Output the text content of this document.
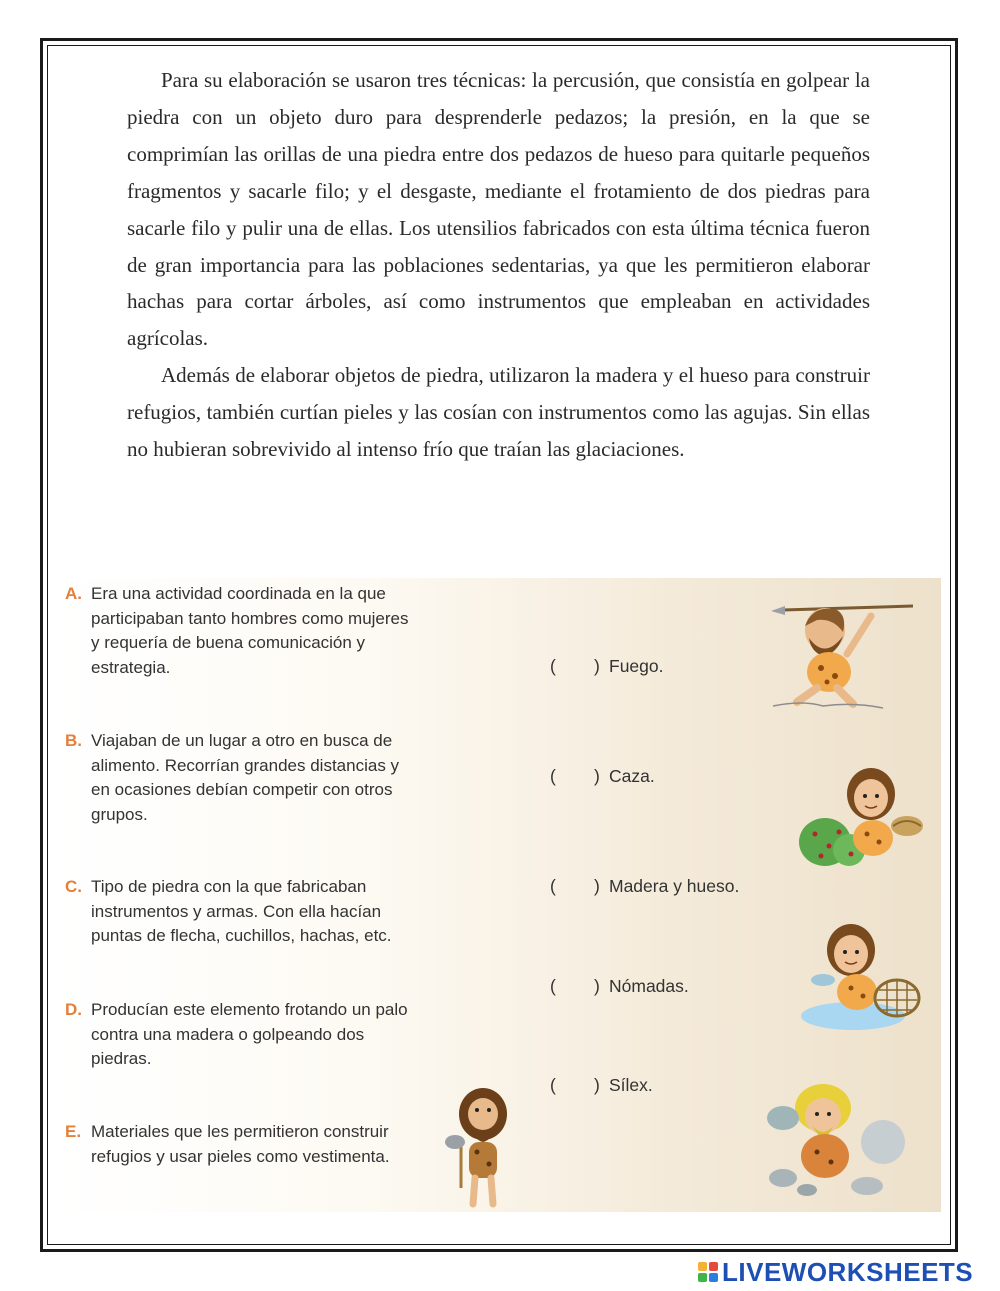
Para su elaboración se usaron tres técnicas: la percusión, que consistía en golpear la piedra con un objeto duro para desprenderle pedazos; la presión, en la que se comprimían las orillas de una piedra entre dos pedazos de hueso para quitarle pequeños fragmentos y sacarle filo; y el desgaste, mediante el frotamiento de dos piedras para sacarle filo y pulir una de ellas. Los utensilios fabricados con esta última técnica fueron de gran importancia para las poblaciones sedentarias, ya que les permitieron elaborar hachas para cortar árboles, así como instrumentos que empleaban en actividades agrícolas.

Además de elaborar objetos de piedra, utilizaron la madera y el hueso para construir refugios, también curtían pieles y las cosían con instrumentos como las agujas. Sin ellas no hubieran sobrevivido al intenso frío que traían las glaciaciones.

A. Era una actividad coordinada en la que participaban tanto hombres como mujeres y requería de buena comunicación y estrategia.
B. Viajaban de un lugar a otro en busca de alimento. Recorrían grandes distancias y en ocasiones debían competir con otros grupos.
C. Tipo de piedra con la que fabricaban instrumentos y armas. Con ella hacían puntas de flecha, cuchillos, hachas, etc.
D. Producían este elemento frotando un palo contra una madera o golpeando dos piedras.
E. Materiales que les permitieron construir refugios y usar pieles como vestimenta.
( ) Fuego.
( ) Caza.
( ) Madera y hueso.
( ) Nómadas.
( ) Sílex.
LIVEWORKSHEETS
